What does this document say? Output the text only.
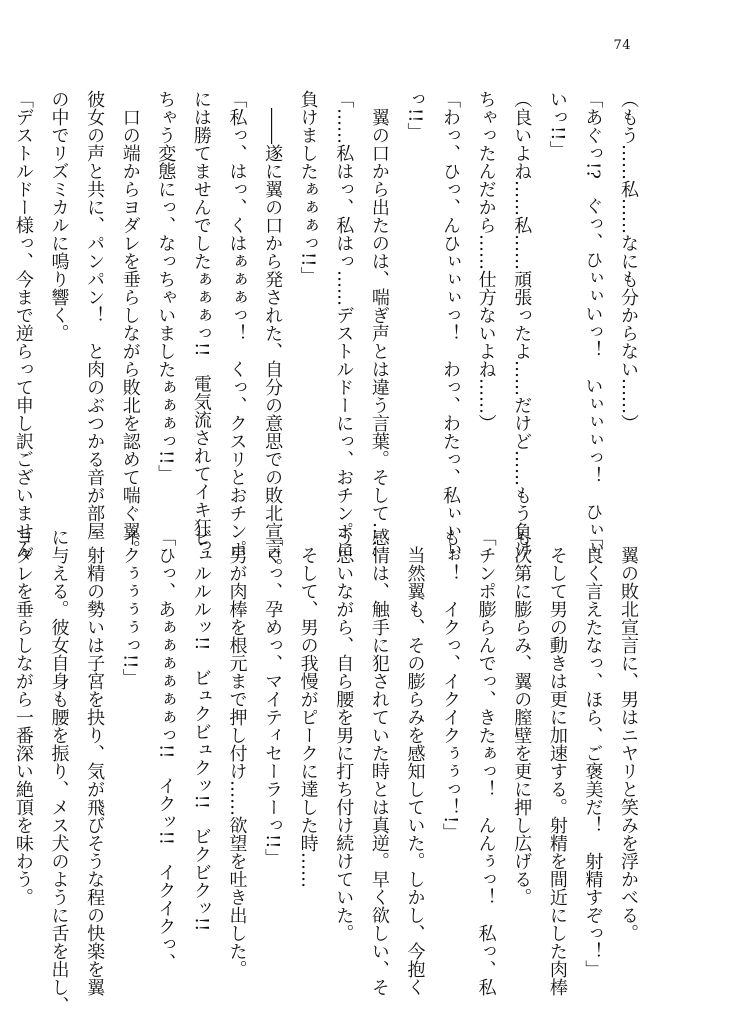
74

（もう……私……なにも分からない……）

「あぐっ!?　ぐっ、ひぃぃいっ！　いぃぃぃっ！　ひぃぃ

いっ!!」

（良いよね……私……頑張ったよ……だけど……もう負け

ちゃったんだから……仕方ないよね……）

「わっ、ひっ、んひぃぃぃっ！　わっ、わたっ、私ぃぃぃ

っ!!」

　翼の口から出たのは、喘ぎ声とは違う言葉。そして……

「……私はっ、私はっ……デストルドーにっ、おチンポに

負けましたぁぁぁっ!!」

　――遂に翼の口から発された、自分の意思での敗北宣言。

「私っ、はっ、くはぁぁぁっ！　くっ、クスリとおチンポ

には勝てませんでしたぁぁぁっ!!　電気流されてイキ狂っ

ちゃう変態にっ、なっちゃいましたぁぁぁっ!!」

　口の端からヨダレを垂らしながら敗北を認めて喘ぐ翼。

彼女の声と共に、パンパン！　と肉のぶつかる音が部屋

の中でリズミカルに鳴り響く。

「デストルドー様っ、今まで逆らって申し訳ございません

　翼の敗北宣言に、男はニヤリと笑みを浮かべる。

「良く言えたなっ、ほら、ご褒美だ！　射精すぞっ！」

　そして男の動きは更に加速する。射精を間近にした肉棒

も次第に膨らみ、翼の膣壁を更に押し広げる。

「チンポ膨らんでっ、きたぁっ！　んんぅっ！　私っ、私

もぉ！　イクっ、イクイクぅぅっ！!」

　当然翼も、その膨らみを感知していた。しかし、今抱く

感情は、触手に犯されていた時とは真逆。早く欲しい、そ

う思いながら、自ら腰を男に打ち付け続けていた。

　そして、男の我慢がピークに達した時……

「ぐっ、孕めっ、マイティセーラーっ!!」

　男が肉棒を根元まで押し付け……欲望を吐き出した。

ビュルルルッ!!　ビュクビュクッ!!　ビクビクッ!!

「ひっ、あぁぁぁぁぁぁっ!!　イクッ!!　イクイクっ、

イクぅぅぅぅっ!!」

　射精の勢いは子宮を抉り、気が飛びそうな程の快楽を翼

に与える。彼女自身も腰を振り、メス犬のように舌を出し、

ヨダレを垂らしながら一番深い絶頂を味わう。
